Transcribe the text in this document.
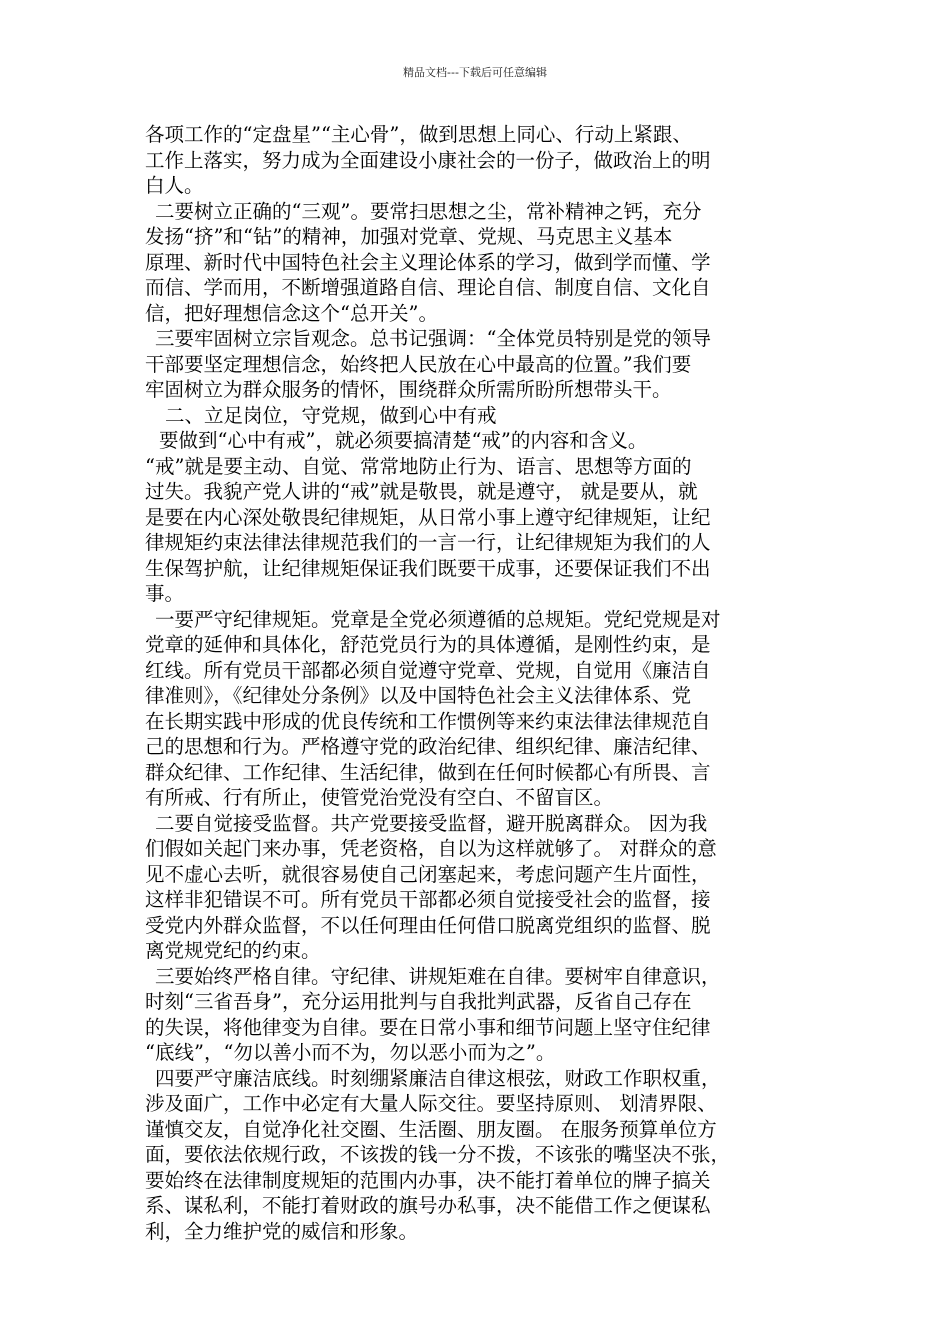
精品文档---下载后可任意编辑
各项工作的“定盘星”“主心骨”，做到思想上同心、行动上紧跟、
工作上落实，努力成为全面建设小康社会的一份子，做政治上的明
白人。
二要树立正确的“三观”。要常扫思想之尘，常补精神之钙，充分
发扬“挤”和“钻”的精神，加强对党章、党规、马克思主义基本
原理、新时代中国特色社会主义理论体系的学习，做到学而懂、学
而信、学而用，不断增强道路自信、理论自信、制度自信、文化自
信，把好理想信念这个“总开关”。
三要牢固树立宗旨观念。总书记强调：“全体党员特别是党的领导
干部要坚定理想信念，始终把人民放在心中最高的位置。”我们要
牢固树立为群众服务的情怀，围绕群众所需所盼所想带头干。
二、立足岗位，守党规，做到心中有戒
要做到“心中有戒”，就必须要搞清楚“戒”的内容和含义。
“戒”就是要主动、自觉、常常地防止行为、语言、思想等方面的
过失。我貌产党人讲的“戒”就是敬畏，就是遵守， 就是要从，就
是要在内心深处敬畏纪律规矩，从日常小事上遵守纪律规矩，让纪
律规矩约束法律法律规范我们的一言一行，让纪律规矩为我们的人
生保驾护航，让纪律规矩保证我们既要干成事，还要保证我们不出
事。
一要严守纪律规矩。党章是全党必须遵循的总规矩。党纪党规是对
党章的延伸和具体化，舒范党员行为的具体遵循，是刚性约束，是
红线。所有党员干部都必须自觉遵守党章、党规，自觉用《廉洁自
律准则》，《纪律处分条例》以及中国特色社会主义法律体系、党
在长期实践中形成的优良传统和工作惯例等来约束法律法律规范自
己的思想和行为。严格遵守党的政治纪律、组织纪律、廉洁纪律、
群众纪律、工作纪律、生活纪律，做到在任何时候都心有所畏、言
有所戒、行有所止，使管党治党没有空白、不留盲区。
二要自觉接受监督。共产党要接受监督，避开脱离群众。 因为我
们假如关起门来办事，凭老资格，自以为这样就够了。 对群众的意
见不虚心去听，就很容易使自己闭塞起来，考虑问题产生片面性，
这样非犯错误不可。所有党员干部都必须自觉接受社会的监督，接
受党内外群众监督，不以任何理由任何借口脱离党组织的监督、脱
离党规党纪的约束。
三要始终严格自律。守纪律、讲规矩难在自律。要树牢自律意识，
时刻“三省吾身”，充分运用批判与自我批判武器，反省自己存在
的失误，将他律变为自律。要在日常小事和细节问题上坚守住纪律
“底线”，“勿以善小而不为，勿以恶小而为之”。
四要严守廉洁底线。时刻绷紧廉洁自律这根弦，财政工作职权重，
涉及面广，工作中必定有大量人际交往。要坚持原则、 划清界限、
谨慎交友，自觉净化社交圈、生活圈、朋友圈。 在服务预算单位方
面，要依法依规行政，不该拨的钱一分不拨，不该张的嘴坚决不张，
要始终在法律制度规矩的范围内办事，决不能打着单位的牌子搞关
系、谋私利，不能打着财政的旗号办私事，决不能借工作之便谋私
利，全力维护党的威信和形象。
